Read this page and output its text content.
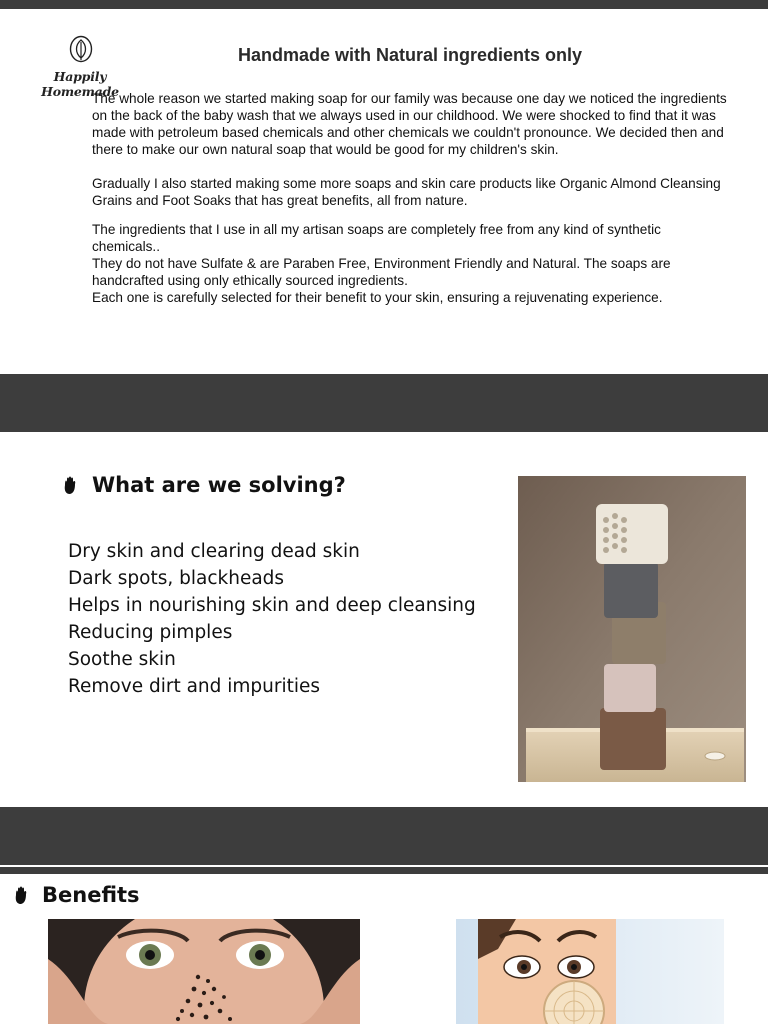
Happily Homemade
Handmade with Natural ingredients only

The whole reason we started making soap for our family was because one day we noticed the ingredients on the back of the baby wash that we always used in our childhood. We were shocked to find that it was made with petroleum based chemicals and other chemicals we couldn't pronounce. We decided then and there to make our own natural soap that would be good for my children's skin.

Gradually I also started making some more soaps and skin care products like Organic Almond Cleansing Grains and Foot Soaks that has great benefits, all from nature.

The ingredients that I use in all my artisan soaps are completely free from any kind of synthetic chemicals..

They do not have Sulfate & are Paraben Free, Environment Friendly and Natural. The soaps are handcrafted using only ethically sourced ingredients.

Each one is carefully selected for their benefit to your skin, ensuring a rejuvenating experience.

What are we solving?
Dry skin and clearing dead skin
Dark spots, blackheads
Helps in nourishing skin and deep cleansing
Reducing pimples
Soothe skin
Remove dirt and impurities
Benefits
